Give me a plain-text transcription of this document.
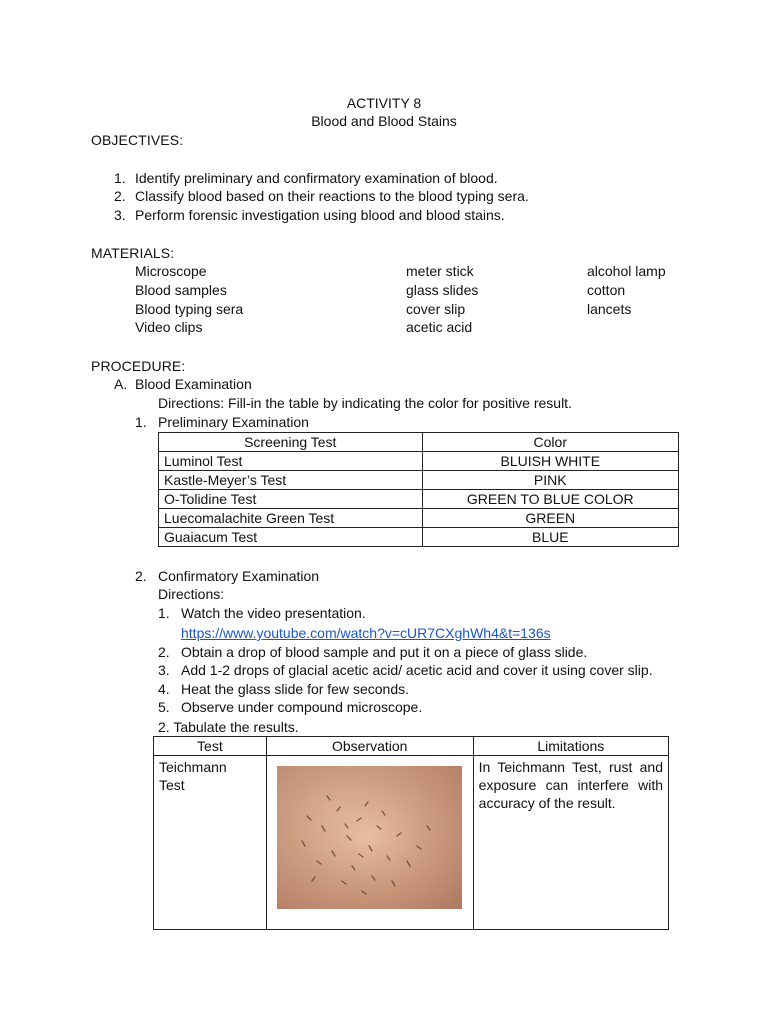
ACTIVITY 8
Blood and Blood Stains
OBJECTIVES:
1. Identify preliminary and confirmatory examination of blood.
2. Classify blood based on their reactions to the blood typing sera.
3. Perform forensic investigation using blood and blood stains.
MATERIALS:
Microscope
Blood samples
Blood typing sera
Video clips
meter stick
glass slides
cover slip
acetic acid
alcohol lamp
cotton
lancets
PROCEDURE:
A. Blood Examination
Directions: Fill-in the table by indicating the color for positive result.
1. Preliminary Examination
Screening Test	Color
Luminol Test	BLUISH WHITE
Kastle-Meyer’s Test	PINK
O-Tolidine Test	GREEN TO BLUE COLOR
Luecomalachite Green Test	GREEN
Guaiacum Test	BLUE
2. Confirmatory Examination
Directions:
1. Watch the video presentation.
https://www.youtube.com/watch?v=cUR7CXghWh4&t=136s
2. Obtain a drop of blood sample and put it on a piece of glass slide.
3. Add 1-2 drops of glacial acetic acid/ acetic acid and cover it using cover slip.
4. Heat the glass slide for few seconds.
5. Observe under compound microscope.
2. Tabulate the results.
Test	Observation	Limitations

Teichmann Test		In Teichmann Test, rust and exposure can interfere with accuracy of the result.
